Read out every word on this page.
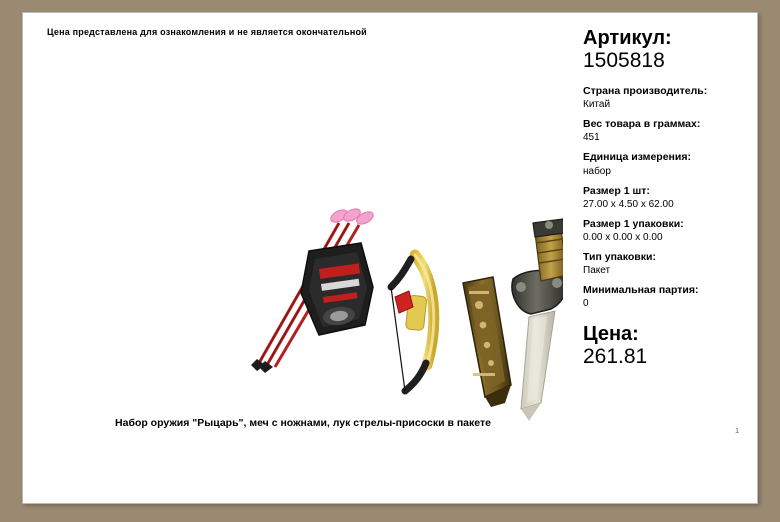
Цена представлена для ознакомления и не является окончательной	Артикул:
1505818
Страна производитель:
Китай
Вес товара в граммах:
451
Единица измерения:
набор
Размер 1 шт:
27.00 x 4.50 x 62.00
Размер 1 упаковки:
0.00 x 0.00 x 0.00
Тип упаковки:
Пакет
Минимальная партия:
0
Цена:
261.81
Набор оружия "Рыцарь", меч с ножнами, лук стрелы-присоски в пакете
1
